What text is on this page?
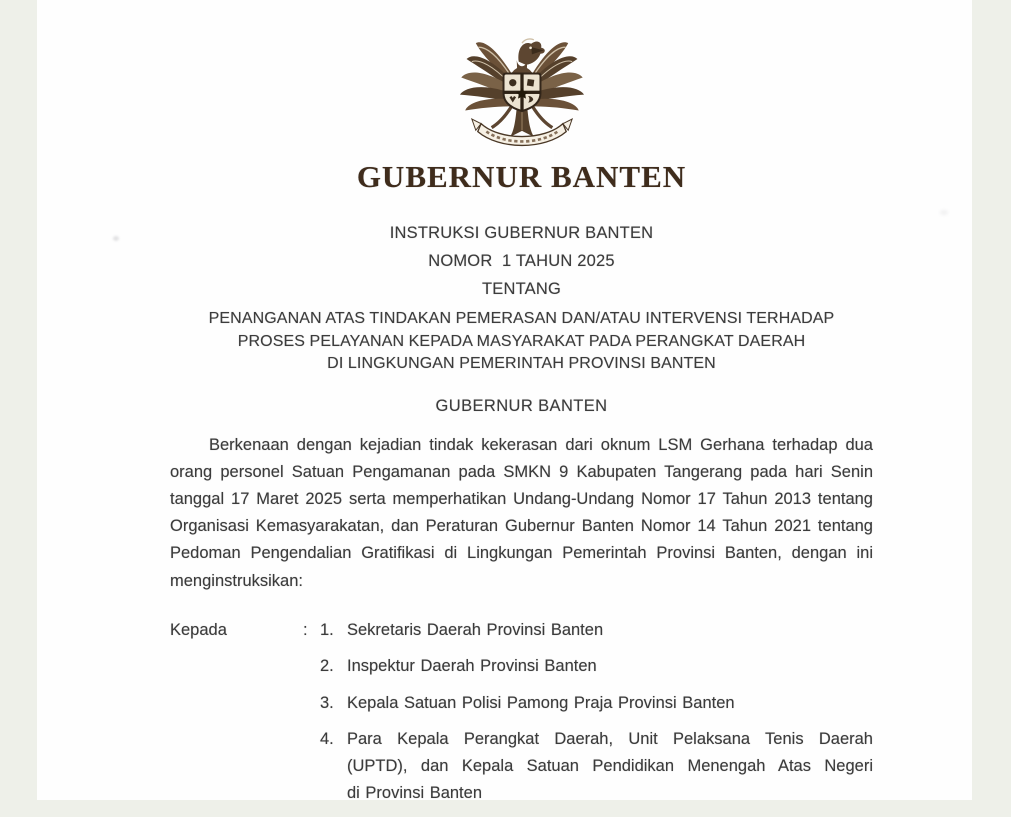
GUBERNUR BANTEN
INSTRUKSI GUBERNUR BANTEN
NOMOR  1 TAHUN 2025
TENTANG
PENANGANAN ATAS TINDAKAN PEMERASAN DAN/ATAU INTERVENSI TERHADAP
PROSES PELAYANAN KEPADA MASYARAKAT PADA PERANGKAT DAERAH
DI LINGKUNGAN PEMERINTAH PROVINSI BANTEN
GUBERNUR BANTEN
Berkenaan dengan kejadian tindak kekerasan dari oknum LSM Gerhana terhadap dua
orang personel Satuan Pengamanan pada SMKN 9 Kabupaten Tangerang pada hari Senin
tanggal 17 Maret 2025 serta memperhatikan Undang-Undang Nomor 17 Tahun 2013 tentang
Organisasi Kemasyarakatan, dan Peraturan Gubernur Banten Nomor 14 Tahun 2021 tentang
Pedoman Pengendalian Gratifikasi di Lingkungan Pemerintah Provinsi Banten, dengan ini
menginstruksikan:
Kepada	: 1. Sekretaris Daerah Provinsi Banten
2. Inspektur Daerah Provinsi Banten
3. Kepala Satuan Polisi Pamong Praja Provinsi Banten
4. Para Kepala Perangkat Daerah, Unit Pelaksana Tenis Daerah
(UPTD), dan Kepala Satuan Pendidikan Menengah Atas Negeri
di Provinsi Banten
